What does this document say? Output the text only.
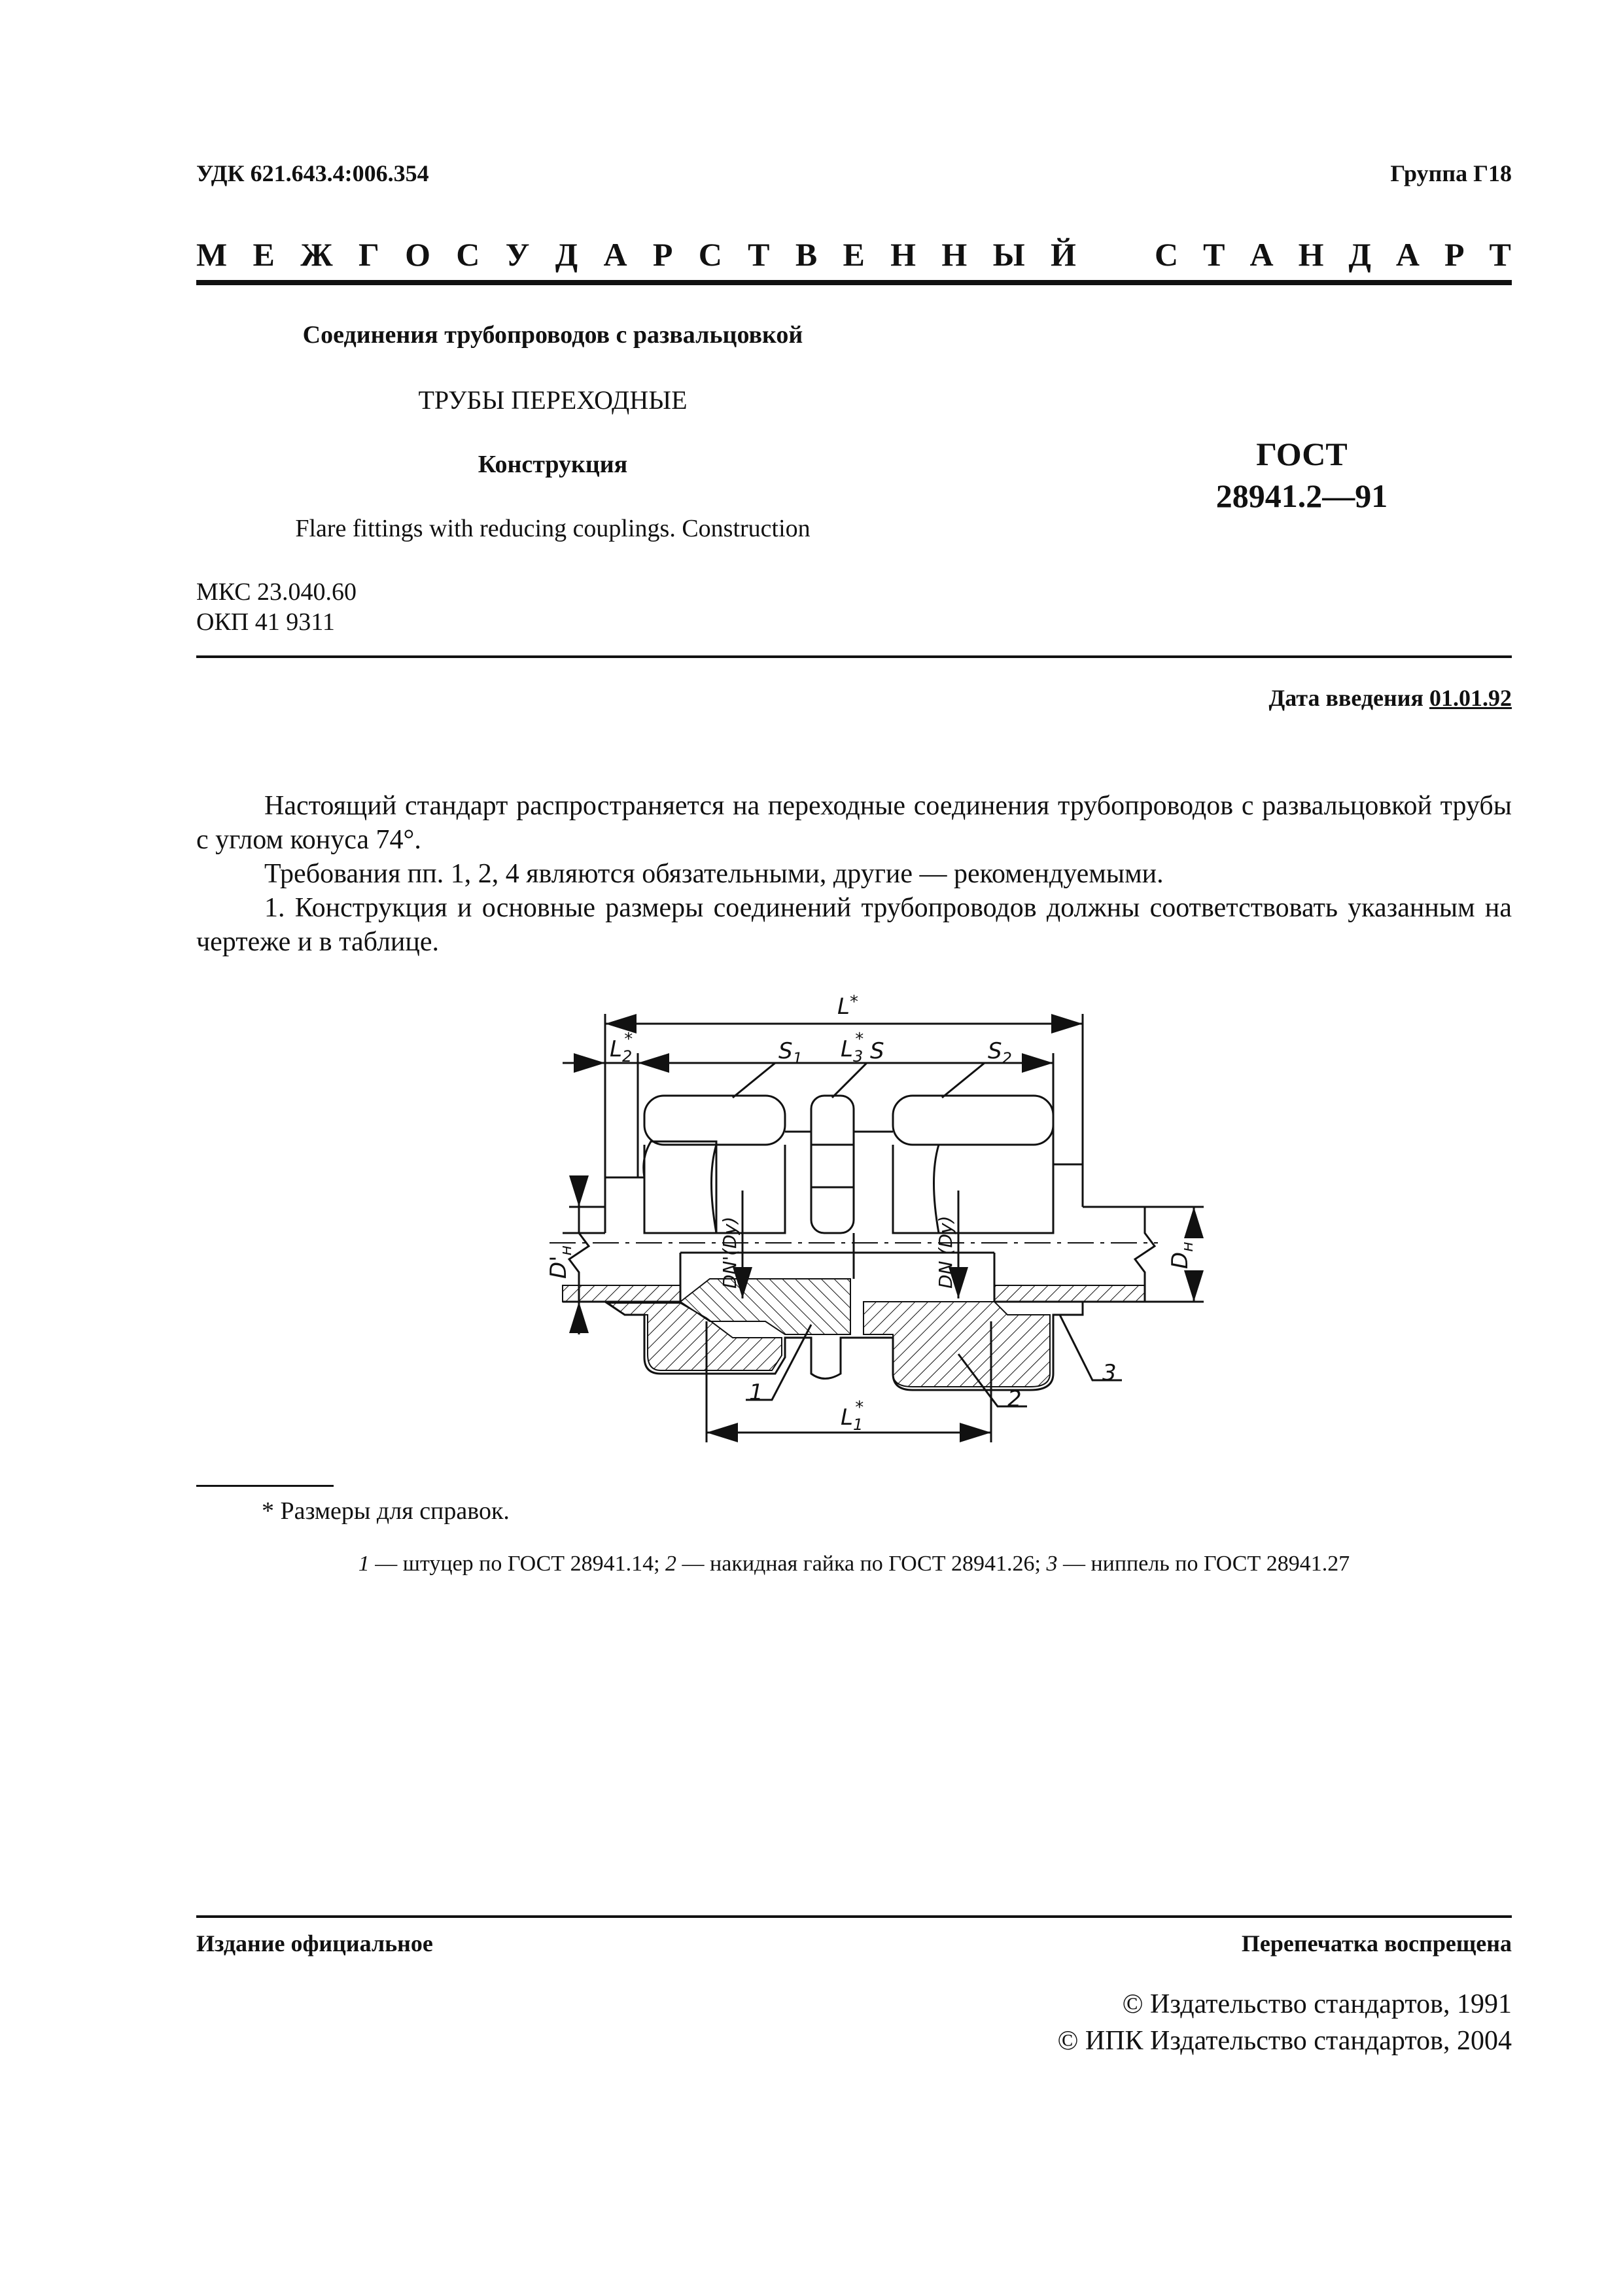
УДК 621.643.4:006.354	Группа Г18
М Е Ж Г О С У Д А Р С Т В Е Н Н Ы Й С Т А Н Д А Р Т
Соединения трубопроводов с развальцовкой
ТРУБЫ ПЕРЕХОДНЫЕ
Конструкция
Flare fittings with reducing couplings. Construction
ГОСТ
28941.2—91
МКС 23.040.60
ОКП 41 9311
Дата введения 01.01.92
Настоящий стандарт распространяется на переходные соединения трубопроводов с развальцовкой трубы с углом конуса 74°.
Требования пп. 1, 2, 4 являются обязательными, другие — рекомендуемыми.
1. Конструкция и основные размеры соединений трубопроводов должны соответствовать указанным на чертеже и в таблице.
L*
$L_3*$
$L_2*$
$L_1*$
$S_1$	S	$S_2$
1	2
3
$D'_н$
$D_н$
DN'(Dу)	DN (Dу)
* Размеры для справок.
1 — штуцер по ГОСТ 28941.14; 2 — накидная гайка по ГОСТ 28941.26; 3 — ниппель по ГОСТ 28941.27
Издание официальное	Перепечатка воспрещена
© Издательство стандартов, 1991
© ИПК Издательство стандартов, 2004
